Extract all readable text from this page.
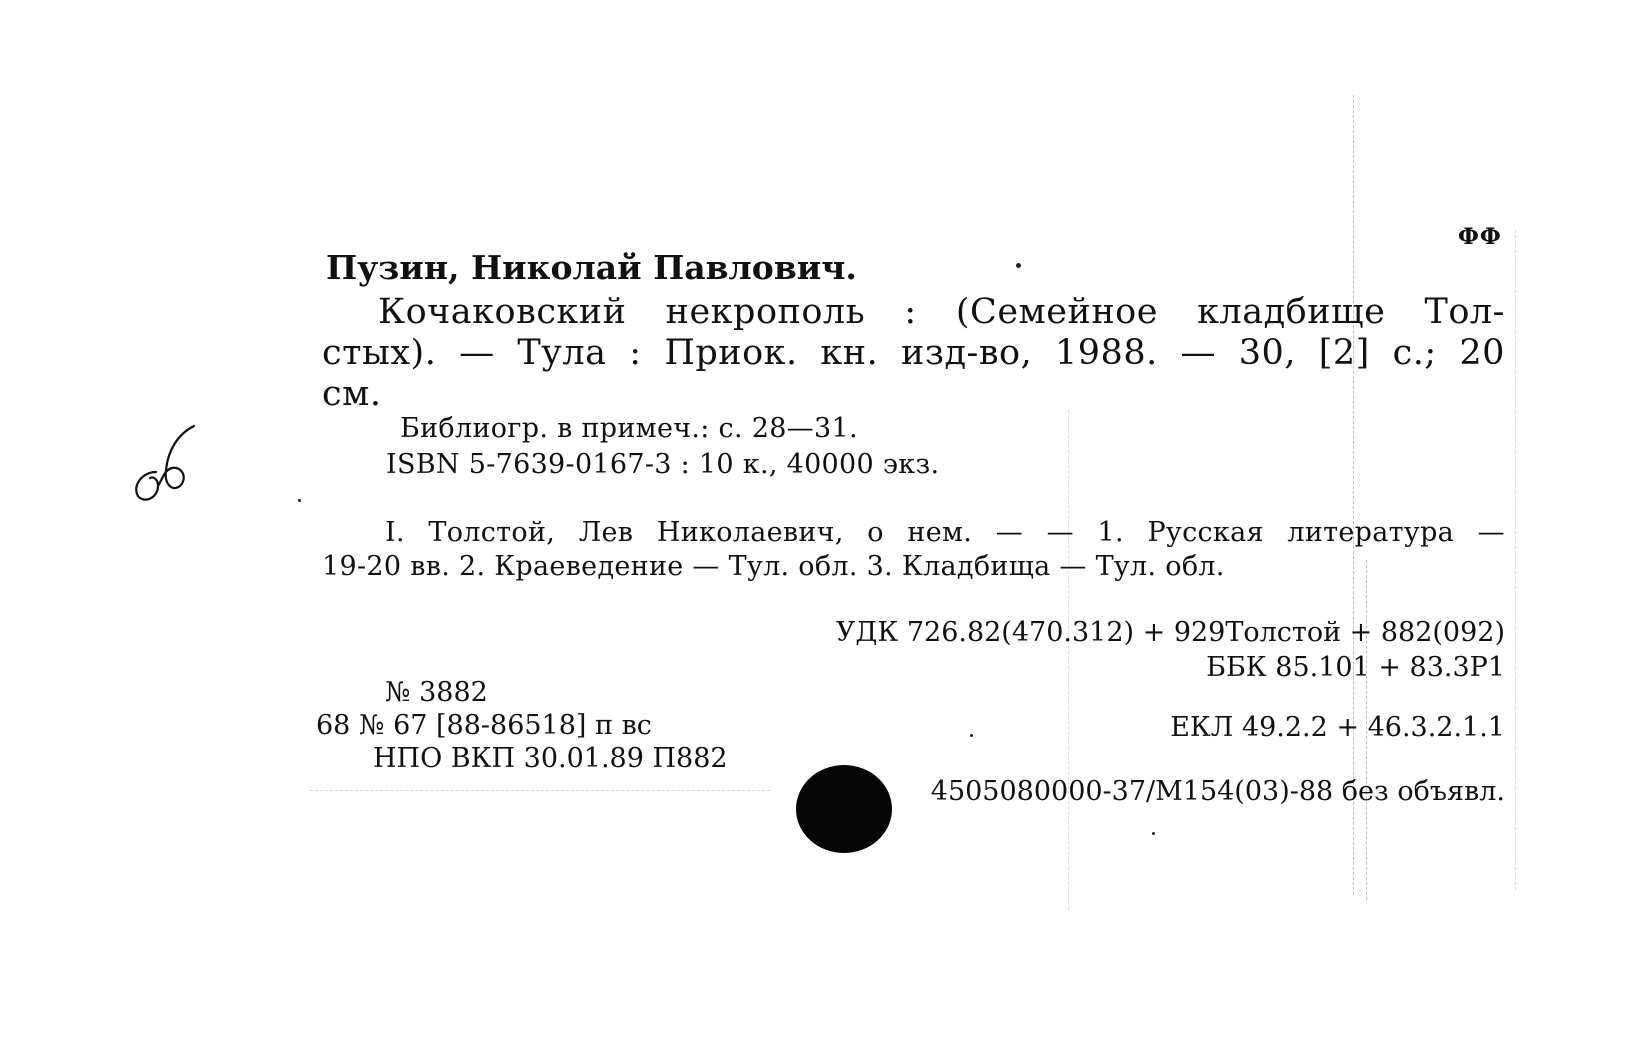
ФФ
Пузин, Николай Павлович.
Кочаковский некрополь : (Семейное кладбище Тол-
стых). — Тула : Приок. кн. изд-во, 1988. — 30, [2] с.; 20
см.
Библиогр. в примеч.: с. 28—31.
ISBN 5-7639-0167-3 : 10 к., 40000 экз.
I. Толстой, Лев Николаевич, о нем. — — 1. Русская литература —
19-20 вв. 2. Краеведение — Тул. обл. 3. Кладбища — Тул. обл.
УДК 726.82(470.312) + 929Толстой + 882(092)
ББК 85.101 + 83.3Р1
№ 3882
68 № 67 [88-86518] п вс
НПО ВКП 30.01.89 П882
ЕКЛ 49.2.2 + 46.3.2.1.1
4505080000-37/М154(03)-88 без объявл.
